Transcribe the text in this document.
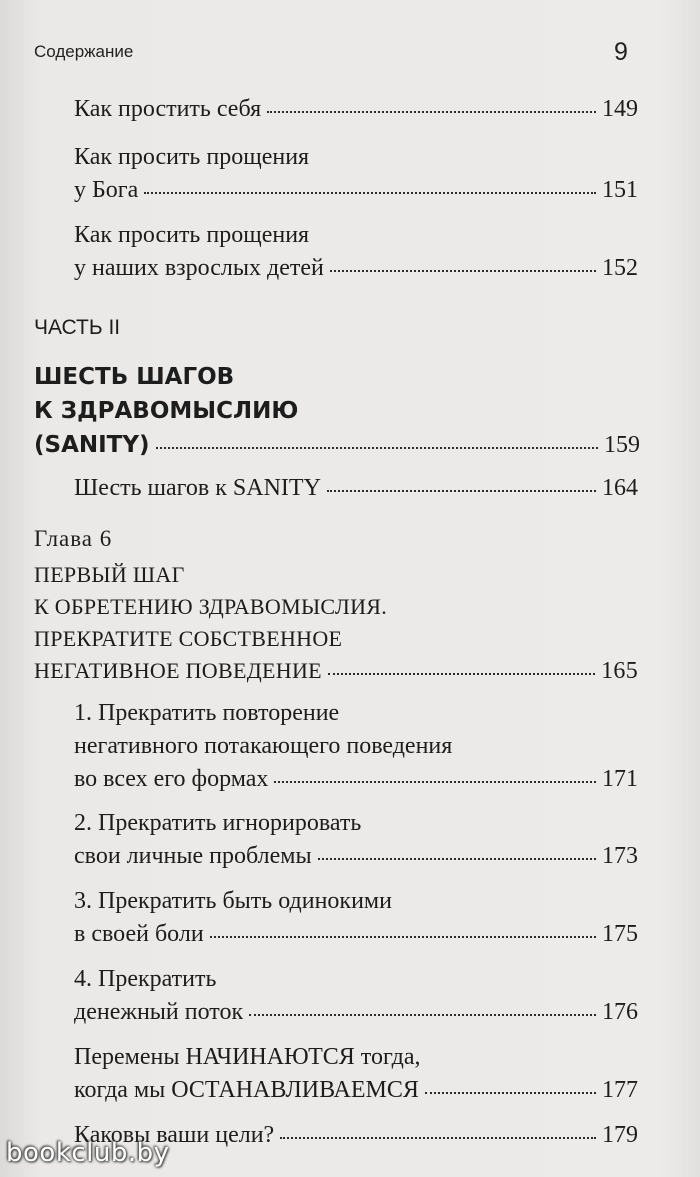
Содержание	9
Как простить себя	149
Как просить прощения
у Бога	151
Как просить прощения
у наших взрослых детей	152
ЧАСТЬ II
ШЕСТЬ ШАГОВ
К ЗДРАВОМЫСЛИЮ
(SANITY)	159
Шесть шагов к SANITY	164
Глава 6
ПЕРВЫЙ ШАГ
К ОБРЕТЕНИЮ ЗДРАВОМЫСЛИЯ.
ПРЕКРАТИТЕ СОБСТВЕННОЕ
НЕГАТИВНОЕ ПОВЕДЕНИЕ	165
1. Прекратить повторение
негативного потакающего поведения
во всех его формах	171
2. Прекратить игнорировать
свои личные проблемы	173
3. Прекратить быть одинокими
в своей боли	175
4. Прекратить
денежный поток	176
Перемены НАЧИНАЮТСЯ тогда,
когда мы ОСТАНАВЛИВАЕМСЯ	177
Каковы ваши цели?	179
bookclub.by
